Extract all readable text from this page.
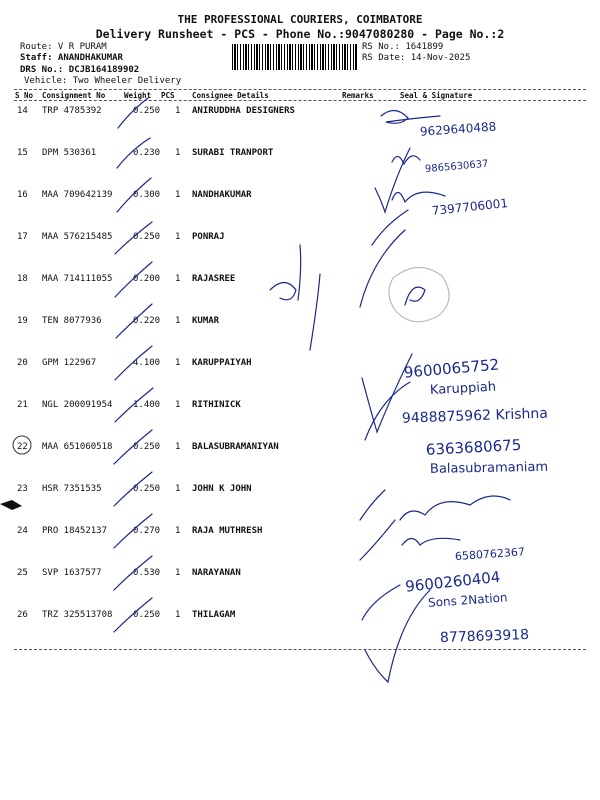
THE PROFESSIONAL COURIERS, COIMBATORE
Delivery Runsheet - PCS - Phone No.:9047080280 - Page No.:2
Route: V R PURAM
Staff: ANANDHAKUMAR
DRS No.: DCJB164189902
Vehicle: Two Wheeler Delivery
RS No.: 1641899
RS Date: 14-Nov-2025
S No Consignment No	Weight PCS Consignee Details	Remarks	Seal & Signature
14 TRP 4785392	0.250 1 ANIRUDDHA DESIGNERS
15 DPM 530361	0.230 1 SURABI TRANPORT
16 MAA 709642139 0.300 1 NANDHAKUMAR
17 MAA 576215485 0.250 1 PONRAJ
18 MAA 714111055 0.200 1 RAJASREE
19 TEN 8077936	0.220 1 KUMAR
20 GPM 122967	4.100 1 KARUPPAIYAH
21 NGL 200091954 1.400 1 RITHINICK
22 MAA 651060518 0.250 1 BALASUBRAMANIYAN
23 HSR 7351535	0.250 1 JOHN K JOHN
24 PRO 18452137	0.270 1 RAJA MUTHRESH
25 SVP 1637577	0.530 1 NARAYANAN
26 TRZ 325513708 0.250 1 THILAGAM
9629640488
9865630637
7397706001
9600065752
Karuppiah
9488875962 Krishna
6363680675
Balasubramaniam
6580762367
9600260404
Sons 2Nation
8778693918
